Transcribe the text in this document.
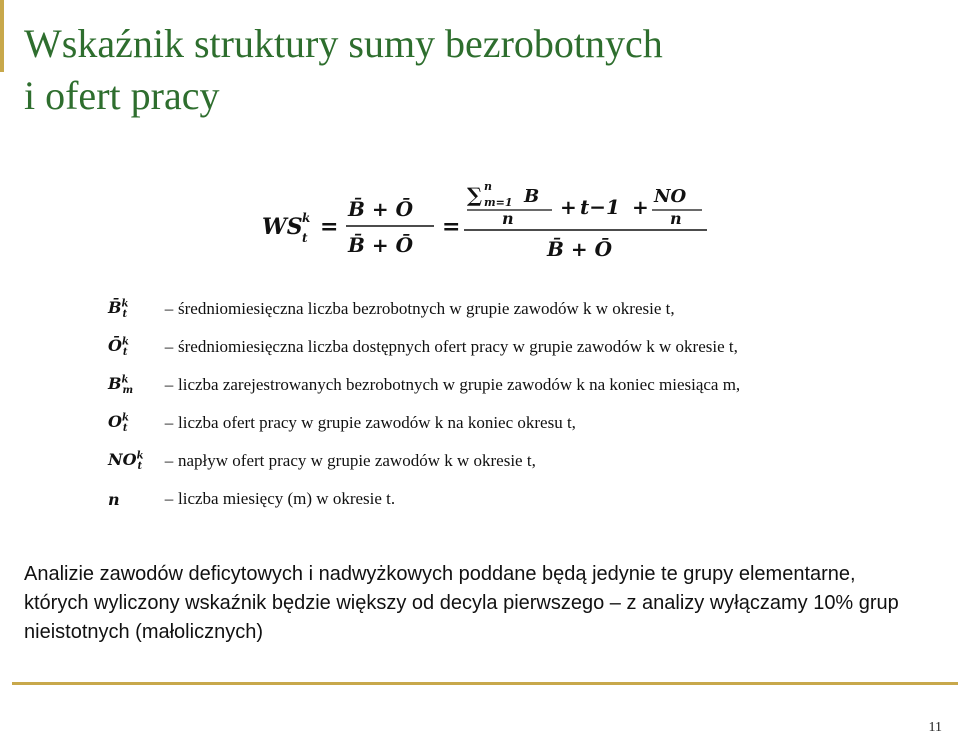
Wskaźnik struktury sumy bezrobotnych
i ofert pracy
WS k
t =
B̄ + Ō
B̄ + Ō
=
∑ n
m=1 B
n + t−1 + NO
n
B̄ + Ō
B̄$^k_t$	– średniomiesięczna liczba bezrobotnych w grupie zawodów k w okresie t,
$Ō^k_t$	– średniomiesięczna liczba dostępnych ofert pracy w grupie zawodów k w okresie t,
$B^k_m$	– liczba zarejestrowanych bezrobotnych w grupie zawodów k na koniec miesiąca m,
$O^k_t$	– liczba ofert pracy w grupie zawodów k na koniec okresu t,
$NO^k_t$	– napływ ofert pracy w grupie zawodów k w okresie t,
n	– liczba miesięcy (m) w okresie t.

Analizie zawodów deficytowych i nadwyżkowych poddane będą jedynie te grupy elementarne, których wyliczony wskaźnik będzie większy od decyla pierwszego – z analizy wyłączamy 10% grup nieistotnych (małolicznych)

11
